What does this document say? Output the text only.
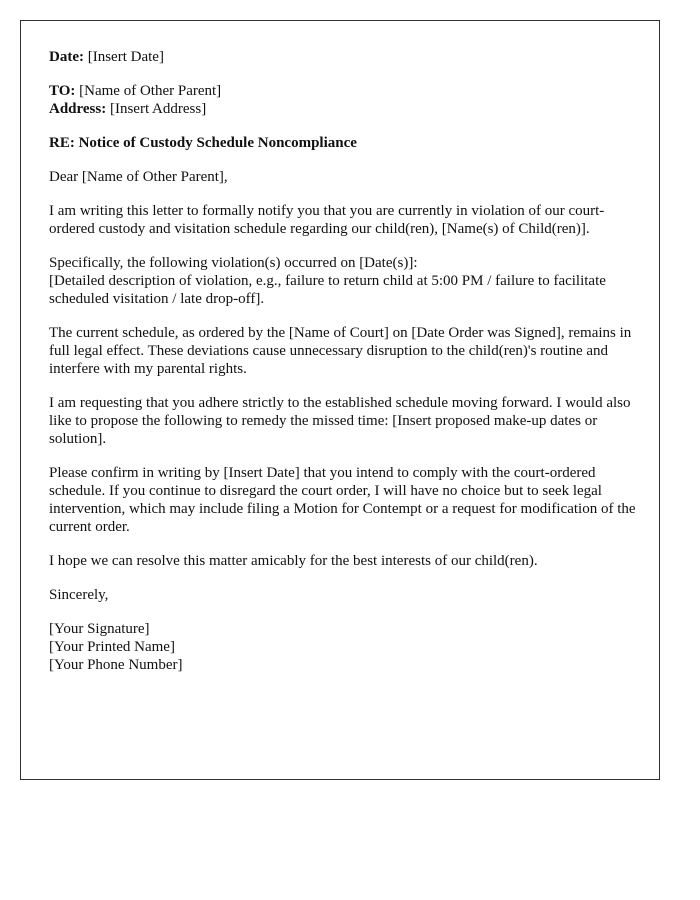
Date: [Insert Date]

TO: [Name of Other Parent]
Address: [Insert Address]

RE: Notice of Custody Schedule Noncompliance

Dear [Name of Other Parent],

I am writing this letter to formally notify you that you are currently in violation of our court-ordered custody and visitation schedule regarding our child(ren), [Name(s) of Child(ren)].

Specifically, the following violation(s) occurred on [Date(s)]:
[Detailed description of violation, e.g., failure to return child at 5:00 PM / failure to facilitate scheduled visitation / late drop-off].

The current schedule, as ordered by the [Name of Court] on [Date Order was Signed], remains in full legal effect. These deviations cause unnecessary disruption to the child(ren)'s routine and interfere with my parental rights.

I am requesting that you adhere strictly to the established schedule moving forward. I would also like to propose the following to remedy the missed time: [Insert proposed make-up dates or solution].

Please confirm in writing by [Insert Date] that you intend to comply with the court-ordered schedule. If you continue to disregard the court order, I will have no choice but to seek legal intervention, which may include filing a Motion for Contempt or a request for modification of the current order.

I hope we can resolve this matter amicably for the best interests of our child(ren).

Sincerely,

[Your Signature]
[Your Printed Name]
[Your Phone Number]
